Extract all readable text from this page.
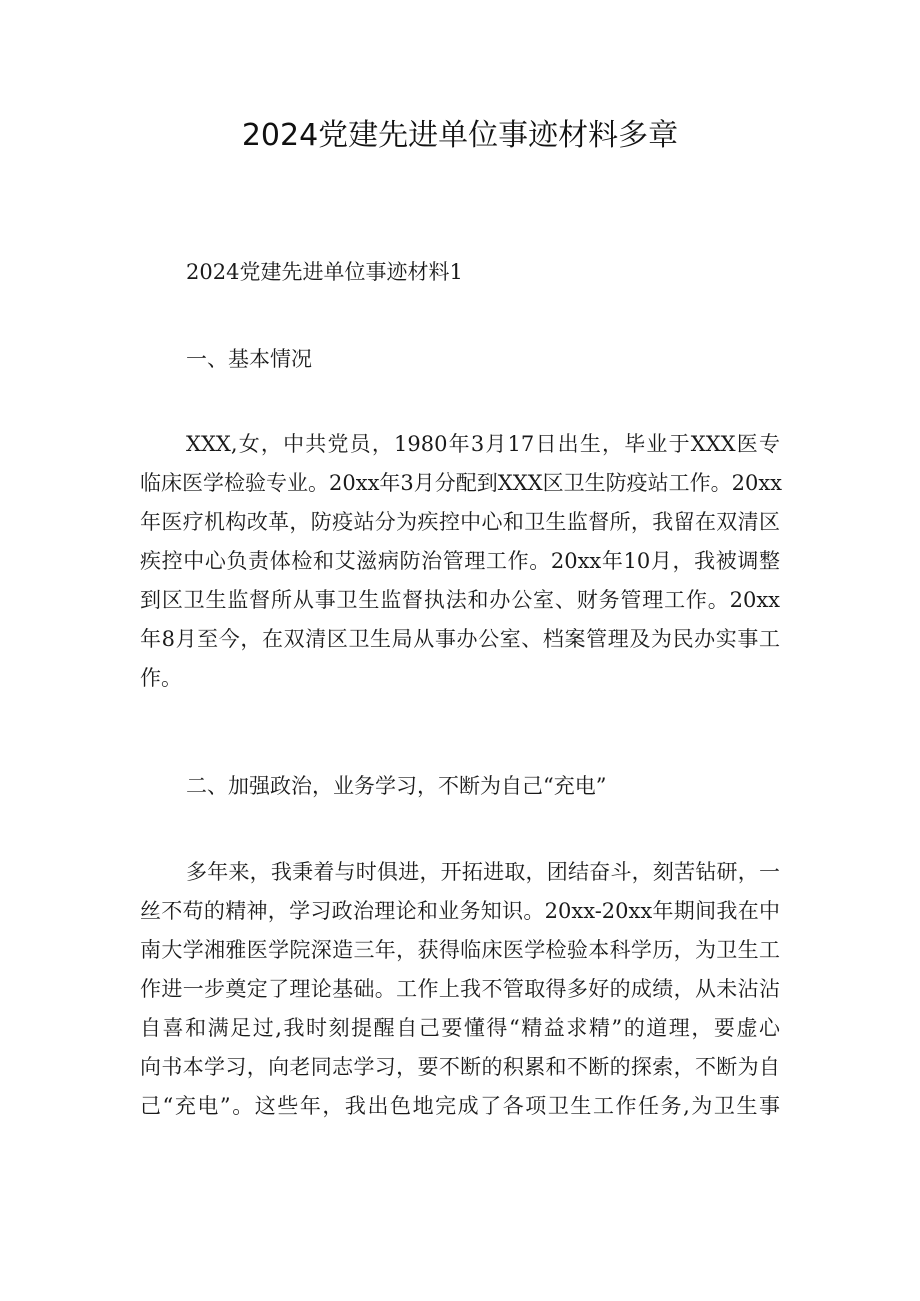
2024党建先进单位事迹材料多章

2024党建先进单位事迹材料1

一、基本情况

XXX,女，中共党员，1980年3月17日出生，毕业于XXX医专
临床医学检验专业。20xx年3月分配到XXX区卫生防疫站工作。20xx
年医疗机构改革，防疫站分为疾控中心和卫生监督所，我留在双清区
疾控中心负责体检和艾滋病防治管理工作。20xx年10月，我被调整
到区卫生监督所从事卫生监督执法和办公室、财务管理工作。20xx
年8月至今，在双清区卫生局从事办公室、档案管理及为民办实事工
作。

二、加强政治，业务学习，不断为自己“充电”

多年来，我秉着与时俱进，开拓进取，团结奋斗，刻苦钻研，一
丝不苟的精神，学习政治理论和业务知识。20xx-20xx年期间我在中
南大学湘雅医学院深造三年，获得临床医学检验本科学历，为卫生工
作进一步奠定了理论基础。工作上我不管取得多好的成绩，从未沾沾
自喜和满足过,我时刻提醒自己要懂得“精益求精”的道理，要虚心
向书本学习，向老同志学习，要不断的积累和不断的探索，不断为自
己“充电”。这些年，我出色地完成了各项卫生工作任务,为卫生事
